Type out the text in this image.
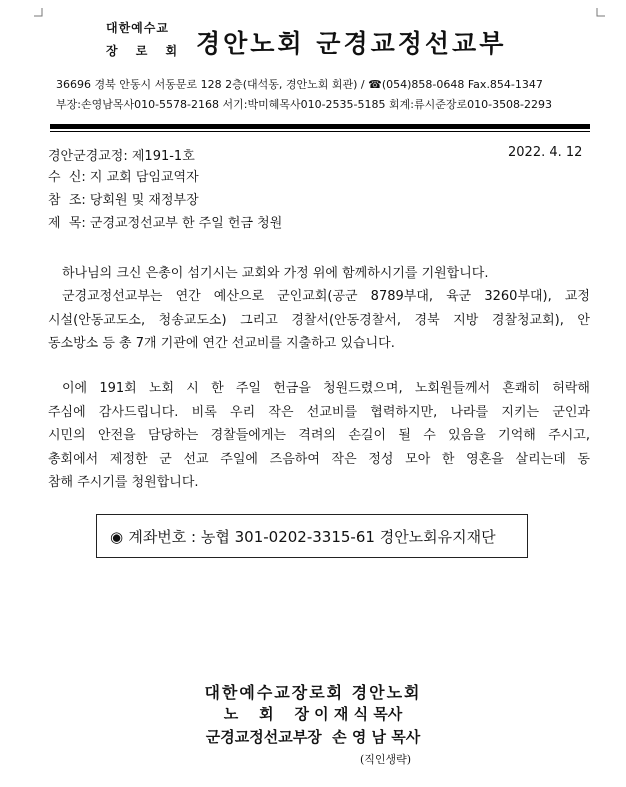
대한예수교
장 로 회 경안노회 군경교정선교부
36696 경북 안동시 서동문로 128 2층(대석동, 경안노회 회관) / ☎(054)858-0648 Fax.854-1347
부장:손영남목사010-5578-2168 서기:박미혜목사010-2535-5185 회계:류시준장로010-3508-2293
경안군경교정: 제191-1호	2022. 4. 12
수  신: 지 교회 담임교역자
참  조: 당회원 및 재정부장
제  목: 군경교정선교부 한 주일 헌금 청원
하나님의 크신 은총이 섬기시는 교회와 가정 위에 함께하시기를 기원합니다.
군경교정선교부는 연간 예산으로 군인교회(공군 8789부대, 육군 3260부대), 교정
시설(안동교도소, 청송교도소) 그리고 경찰서(안동경찰서, 경북 지방 경찰청교회), 안
동소방소 등 총 7개 기관에 연간 선교비를 지출하고 있습니다.
이에 191회 노회 시 한 주일 헌금을 청원드렸으며, 노회원들께서 흔쾌히 허락해
주심에 감사드립니다. 비록 우리 작은 선교비를 협력하지만, 나라를 지키는 군인과
시민의 안전을 담당하는 경찰들에게는 격려의 손길이 될 수 있음을 기억해 주시고,
총회에서 제정한 군 선교 주일에 즈음하여 작은 정성 모아 한 영혼을 살리는데 동
참해 주시기를 청원합니다.
◉ 계좌번호 : 농협 301-0202-3315-61 경안노회유지재단
대한예수교장로회 경안노회
노    회    장 이 재 식 목사
군경교정선교부장  손 영 남 목사
(직인생략)
